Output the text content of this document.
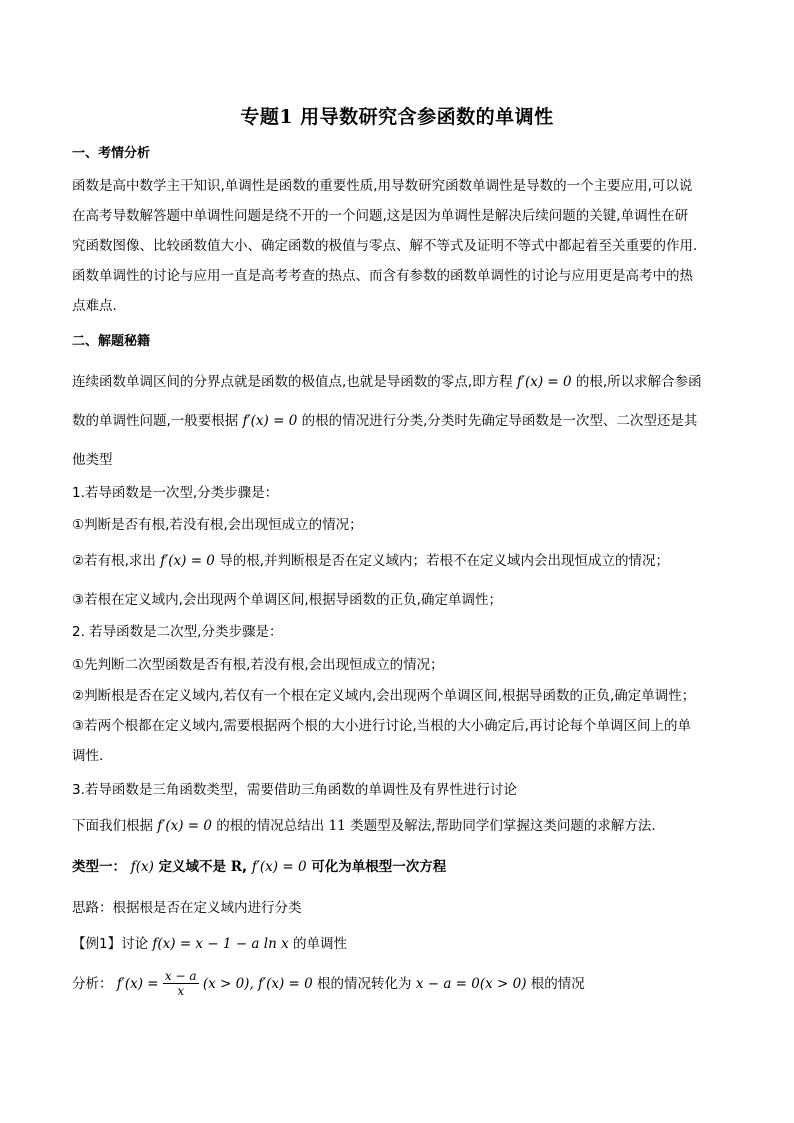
专题1 用导数研究含参函数的单调性
一、考情分析
函数是高中数学主干知识,单调性是函数的重要性质,用导数研究函数单调性是导数的一个主要应用,可以说
在高考导数解答题中单调性问题是绕不开的一个问题,这是因为单调性是解决后续问题的关键,单调性在研
究函数图像、比较函数值大小、确定函数的极值与零点、解不等式及证明不等式中都起着至关重要的作用.
函数单调性的讨论与应用一直是高考考查的热点、而含有参数的函数单调性的讨论与应用更是高考中的热
点难点.
二、解题秘籍
连续函数单调区间的分界点就是函数的极值点,也就是导函数的零点,即方程 f′(x) = 0 的根,所以求解合参函
数的单调性问题,一般要根据 f′(x) = 0 的根的情况进行分类,分类时先确定导函数是一次型、二次型还是其
他类型
1.若导函数是一次型,分类步骤是：
①判断是否有根,若没有根,会出现恒成立的情况；
②若有根,求出 f′(x) = 0 导的根,并判断根是否在定义域内；若根不在定义域内会出现恒成立的情况；
③若根在定义域内,会出现两个单调区间,根据导函数的正负,确定单调性；
2. 若导函数是二次型,分类步骤是：
①先判断二次型函数是否有根,若没有根,会出现恒成立的情况；
②判断根是否在定义域内,若仅有一个根在定义域内,会出现两个单调区间,根据导函数的正负,确定单调性；
③若两个根都在定义域内,需要根据两个根的大小进行讨论,当根的大小确定后,再讨论每个单调区间上的单
调性.
3.若导函数是三角函数类型，需要借助三角函数的单调性及有界性进行讨论
下面我们根据 f′(x) = 0 的根的情况总结出 11 类题型及解法,帮助同学们掌握这类问题的求解方法.
类型一： f(x) 定义域不是 R, f′(x) = 0 可化为单根型一次方程
思路：根据根是否在定义域内进行分类
【例1】讨论 f(x) = x − 1 − a ln x 的单调性
分析： $f'(x) = \frac{x - a}{x} (x > 0)$, f′(x) = 0 根的情况转化为 x − a = 0(x > 0) 根的情况
